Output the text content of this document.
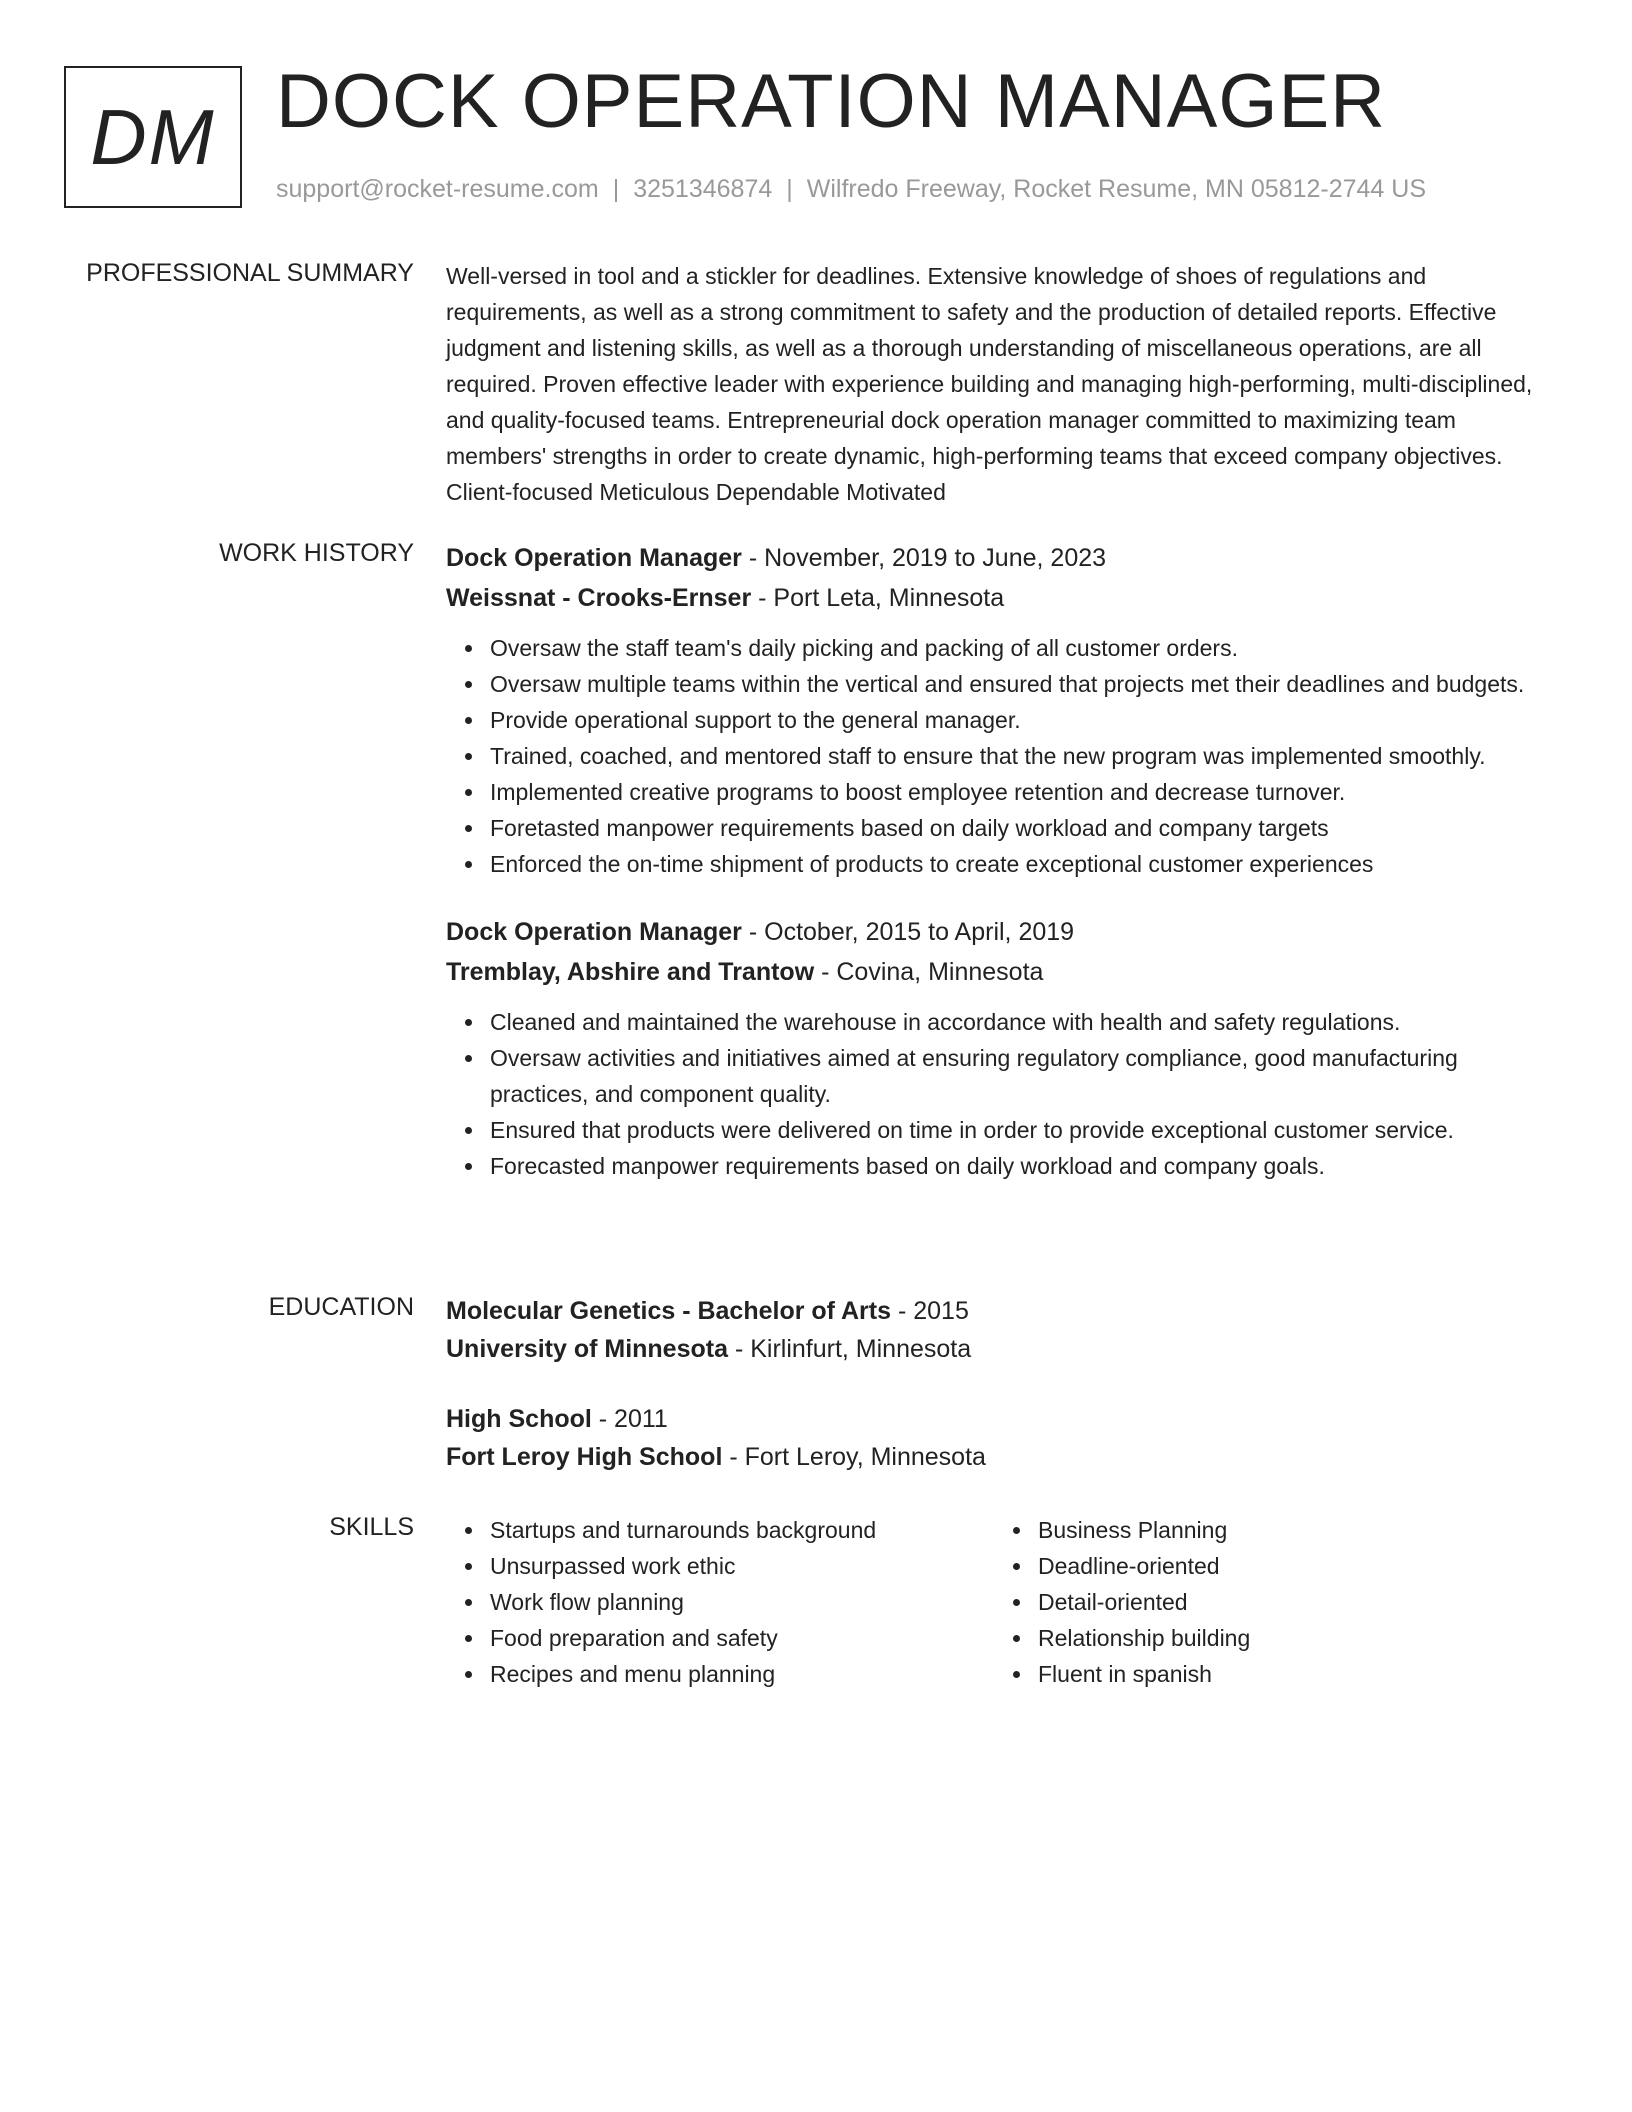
DM DOCK OPERATION MANAGER
support@rocket-resume.com | 3251346874 | Wilfredo Freeway, Rocket Resume, MN 05812-2744 US
PROFESSIONAL SUMMARY Well-versed in tool and a stickler for deadlines. Extensive knowledge of shoes of regulations and requirements, as well as a strong commitment to safety and the production of detailed reports. Effective judgment and listening skills, as well as a thorough understanding of miscellaneous operations, are all required. Proven effective leader with experience building and managing high-performing, multi-disciplined, and quality-focused teams. Entrepreneurial dock operation manager committed to maximizing team members' strengths in order to create dynamic, high-performing teams that exceed company objectives. Client-focused Meticulous Dependable Motivated

WORK HISTORY Dock Operation Manager - November, 2019 to June, 2023
Weissnat - Crooks-Ernser - Port Leta, Minnesota
Oversaw the staff team's daily picking and packing of all customer orders.
Oversaw multiple teams within the vertical and ensured that projects met their deadlines and budgets.
Provide operational support to the general manager.
Trained, coached, and mentored staff to ensure that the new program was implemented smoothly.
Implemented creative programs to boost employee retention and decrease turnover.
Foretasted manpower requirements based on daily workload and company targets
Enforced the on-time shipment of products to create exceptional customer experiences
Dock Operation Manager - October, 2015 to April, 2019
Tremblay, Abshire and Trantow - Covina, Minnesota
Cleaned and maintained the warehouse in accordance with health and safety regulations.
Oversaw activities and initiatives aimed at ensuring regulatory compliance, good manufacturing practices, and component quality.
Ensured that products were delivered on time in order to provide exceptional customer service.
Forecasted manpower requirements based on daily workload and company goals.
EDUCATION Molecular Genetics - Bachelor of Arts - 2015
University of Minnesota - Kirlinfurt, Minnesota
High School - 2011
Fort Leroy High School - Fort Leroy, Minnesota
SKILLS	Startups and turnarounds background
Unsurpassed work ethic
Work flow planning
Food preparation and safety
Recipes and menu planning
Business Planning
Deadline-oriented
Detail-oriented
Relationship building
Fluent in spanish
